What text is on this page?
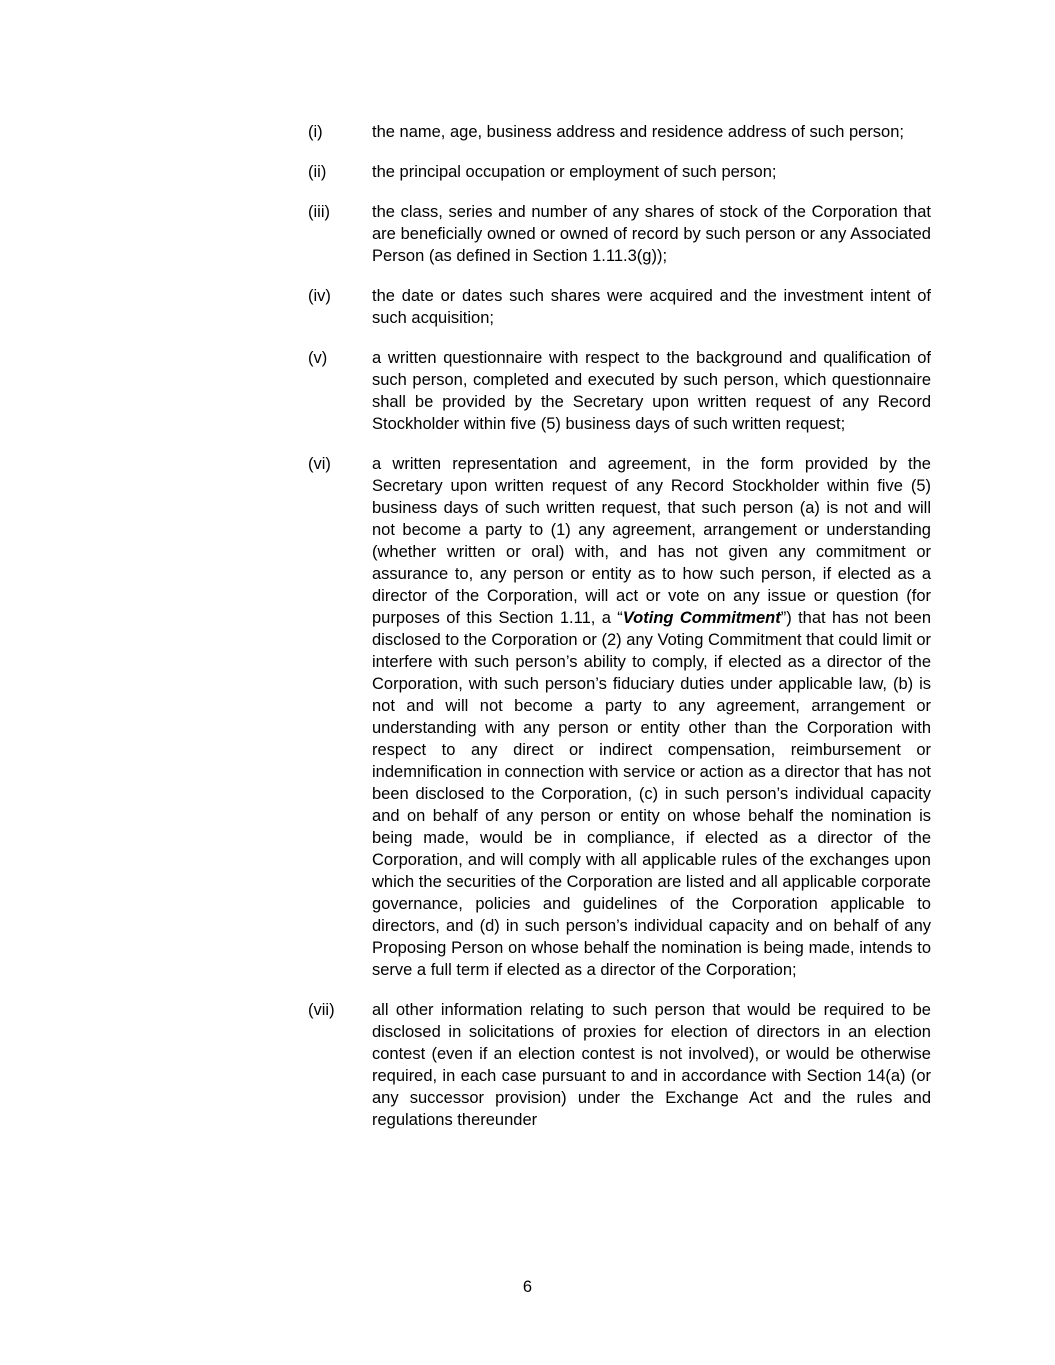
(i)	the name, age, business address and residence address of such person;

(ii)	the principal occupation or employment of such person;

(iii)	the class, series and number of any shares of stock of the Corporation that are beneficially owned or owned of record by such person or any Associated Person (as defined in Section 1.11.3(g));

(iv)	the date or dates such shares were acquired and the investment intent of such acquisition;

(v)	a written questionnaire with respect to the background and qualification of such person, completed and executed by such person, which questionnaire shall be provided by the Secretary upon written request of any Record Stockholder within five (5) business days of such written request;

(vi)	a written representation and agreement, in the form provided by the Secretary upon written request of any Record Stockholder within five (5) business days of such written request, that such person (a) is not and will not become a party to (1) any agreement, arrangement or understanding (whether written or oral) with, and has not given any commitment or assurance to, any person or entity as to how such person, if elected as a director of the Corporation, will act or vote on any issue or question (for purposes of this Section 1.11, a “Voting Commitment”) that has not been disclosed to the Corporation or (2) any Voting Commitment that could limit or interfere with such person’s ability to comply, if elected as a director of the Corporation, with such person’s fiduciary duties under applicable law, (b) is not and will not become a party to any agreement, arrangement or understanding with any person or entity other than the Corporation with respect to any direct or indirect compensation, reimbursement or indemnification in connection with service or action as a director that has not been disclosed to the Corporation, (c) in such person’s individual capacity and on behalf of any person or entity on whose behalf the nomination is being made, would be in compliance, if elected as a director of the Corporation, and will comply with all applicable rules of the exchanges upon which the securities of the Corporation are listed and all applicable corporate governance, policies and guidelines of the Corporation applicable to directors, and (d) in such person’s individual capacity and on behalf of any Proposing Person on whose behalf the nomination is being made, intends to serve a full term if elected as a director of the Corporation;

(vii)	all other information relating to such person that would be required to be disclosed in solicitations of proxies for election of directors in an election contest (even if an election contest is not involved), or would be otherwise required, in each case pursuant to and in accordance with Section 14(a) (or any successor provision) under the Exchange Act and the rules and regulations thereunder

6
